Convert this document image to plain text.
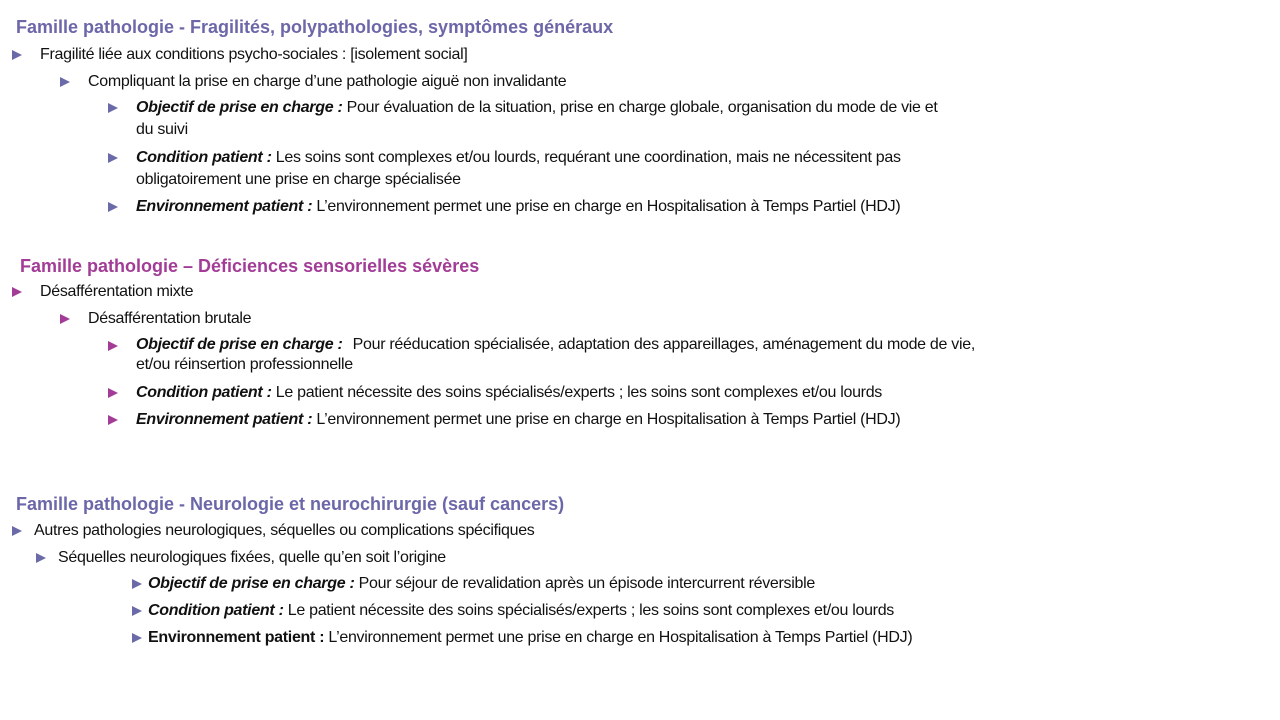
Famille pathologie - Fragilités, polypathologies, symptômes généraux
Fragilité liée aux conditions psycho-sociales : [isolement social]
Compliquant la prise en charge d’une pathologie aiguë non invalidante
Objectif de prise en charge : Pour évaluation de la situation, prise en charge globale, organisation du mode de vie et du suivi
Condition patient : Les soins sont complexes et/ou lourds, requérant une coordination, mais ne nécessitent pas obligatoirement une prise en charge spécialisée
Environnement patient : L’environnement permet une prise en charge en Hospitalisation à Temps Partiel (HDJ)
Famille pathologie – Déficiences sensorielles sévères
Désafférentation mixte
Désafférentation brutale
Objectif de prise en charge : Pour rééducation spécialisée, adaptation des appareillages, aménagement du mode de vie, et/ou réinsertion professionnelle
Condition patient : Le patient nécessite des soins spécialisés/experts ; les soins sont complexes et/ou lourds
Environnement patient : L’environnement permet une prise en charge en Hospitalisation à Temps Partiel (HDJ)
Famille pathologie - Neurologie et neurochirurgie (sauf cancers)
Autres pathologies neurologiques, séquelles ou complications spécifiques
Séquelles neurologiques fixées, quelle qu’en soit l’origine
Objectif de prise en charge : Pour séjour de revalidation après un épisode intercurrent réversible
Condition patient : Le patient nécessite des soins spécialisés/experts ; les soins sont complexes et/ou lourds
Environnement patient : L’environnement permet une prise en charge en Hospitalisation à Temps Partiel (HDJ)
